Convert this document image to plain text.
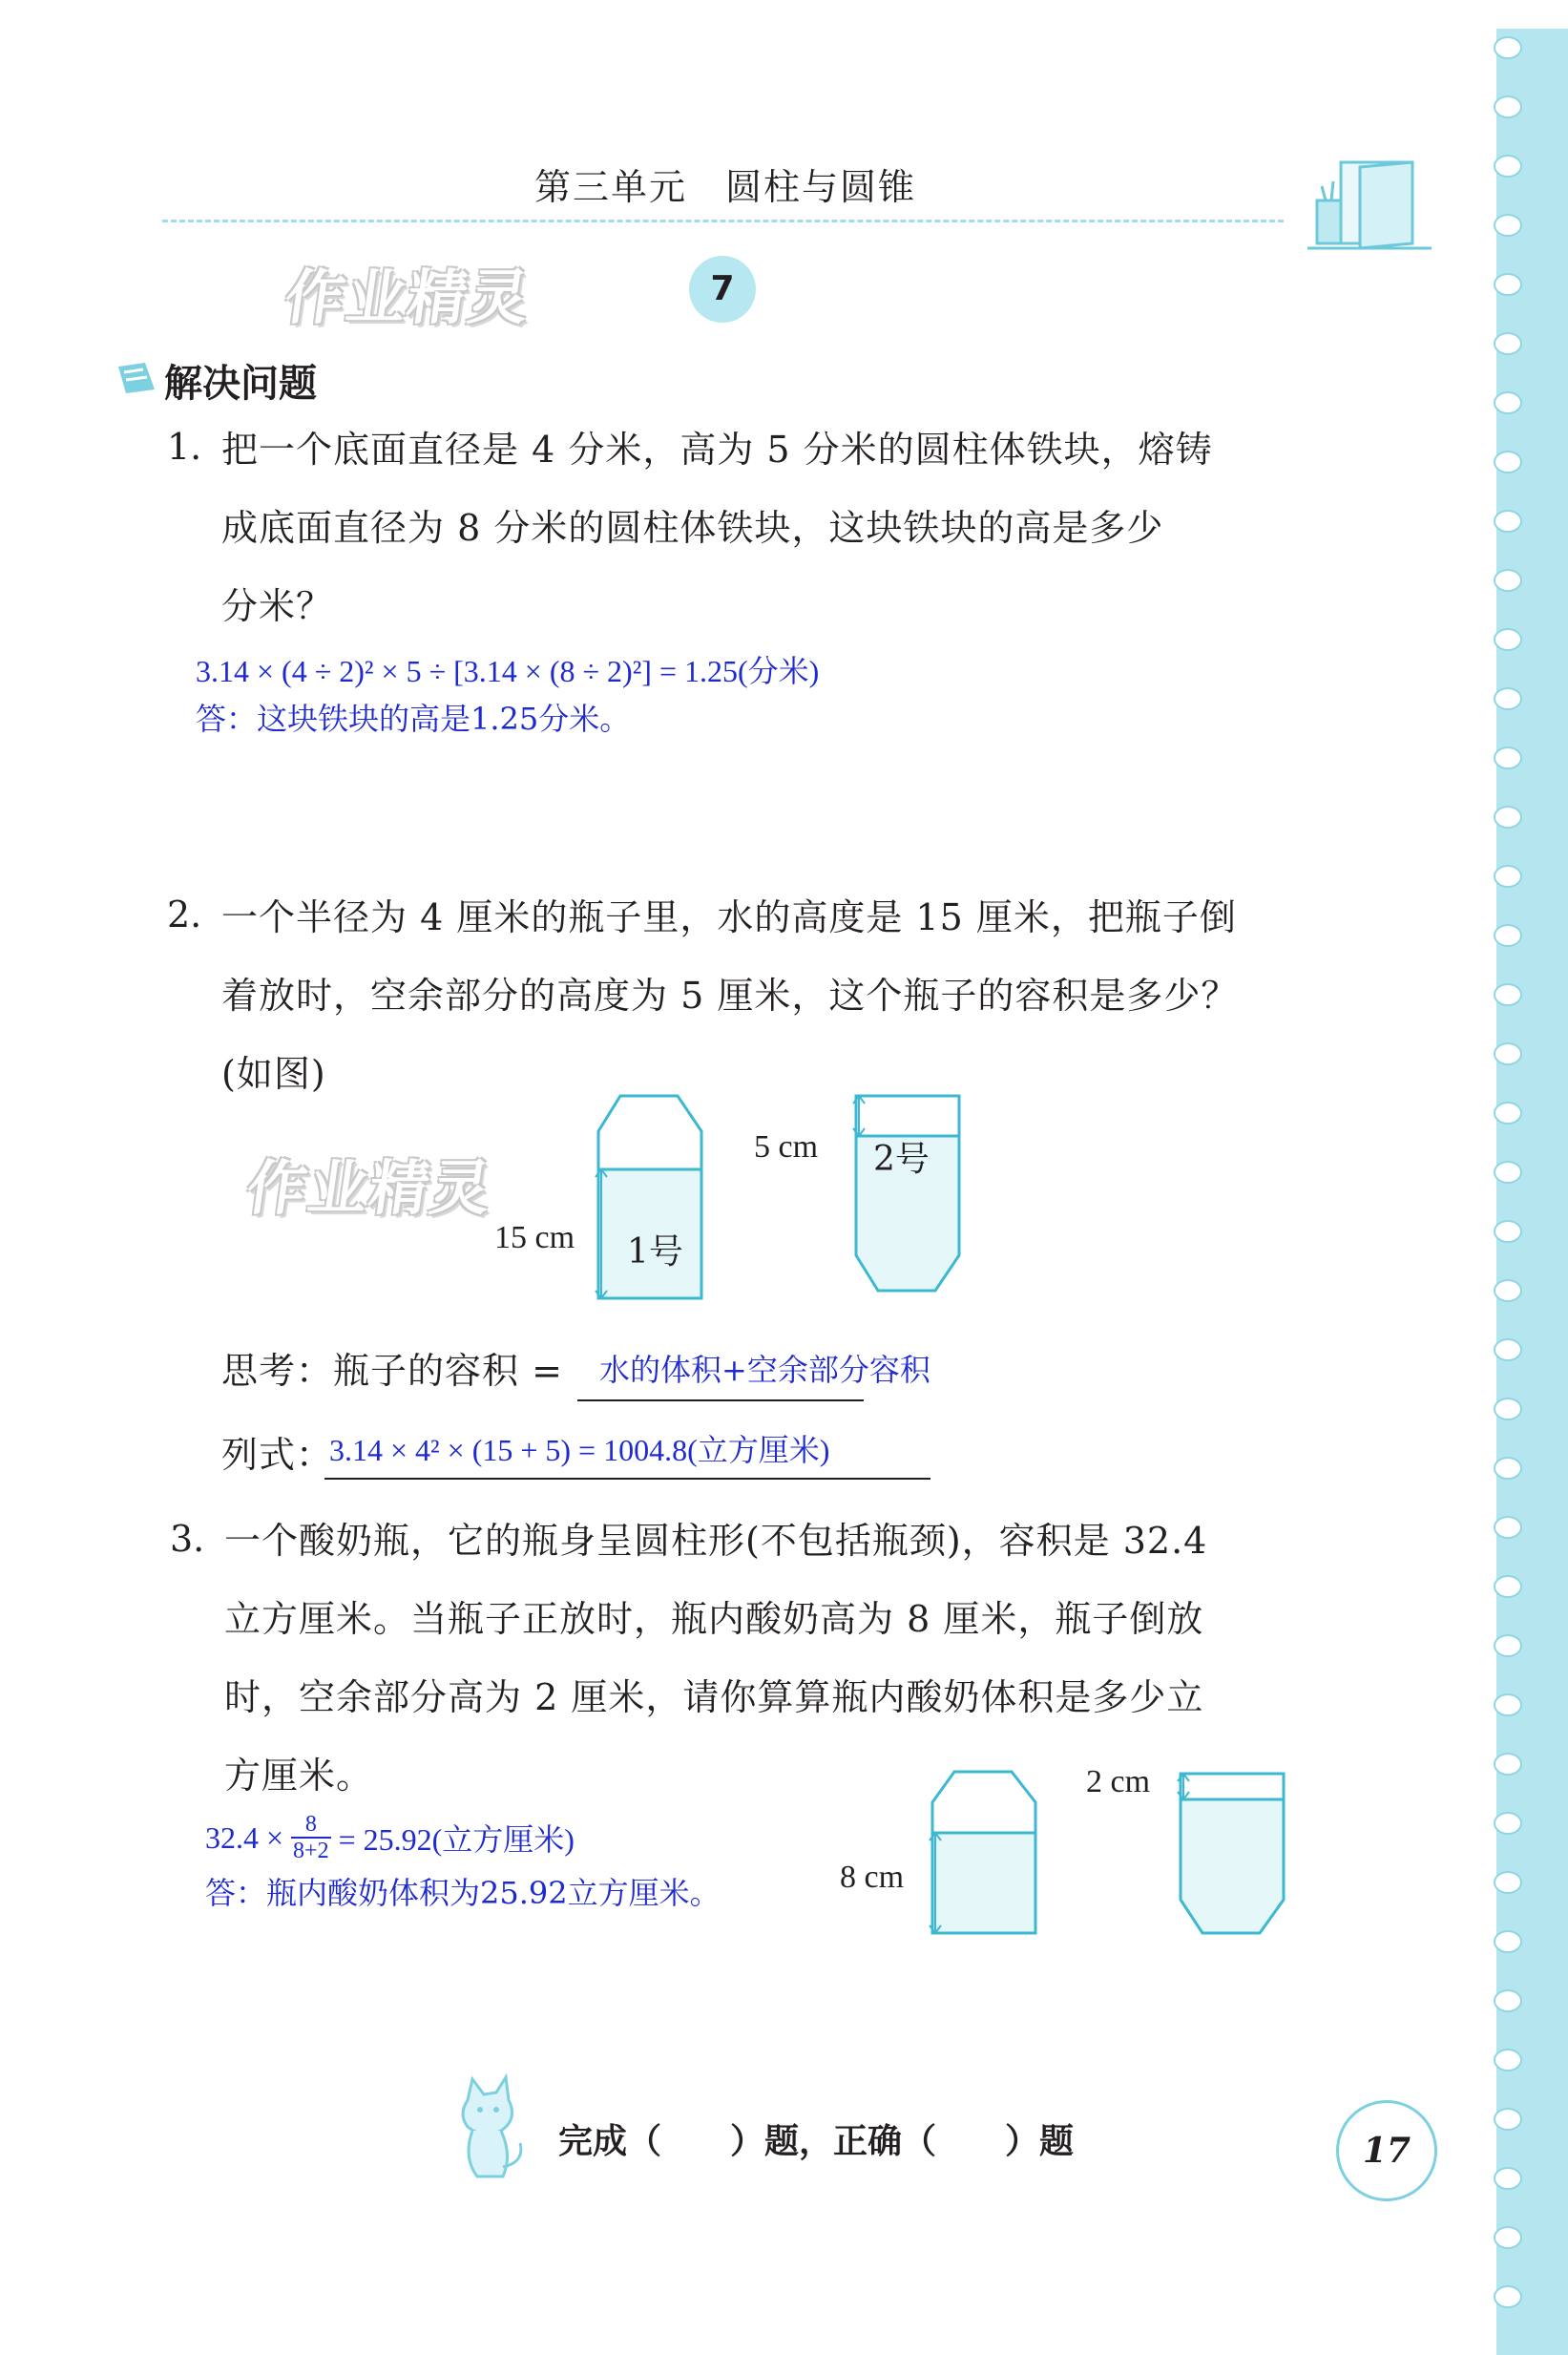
第三单元　圆柱与圆锥
7
作业精灵
解决问题
1. 把一个底面直径是 4 分米，高为 5 分米的圆柱体铁块，熔铸
成底面直径为 8 分米的圆柱体铁块，这块铁块的高是多少
分米？
3.14 × (4 ÷ 2)² × 5 ÷ [3.14 × (8 ÷ 2)²] = 1.25(分米)
答：这块铁块的高是1.25分米。
2. 一个半径为 4 厘米的瓶子里，水的高度是 15 厘米，把瓶子倒
着放时，空余部分的高度为 5 厘米，这个瓶子的容积是多少？
(如图)
作业精灵
15 cm 1号
5 cm 2号
思考：瓶子的容积 = 水的体积+空余部分容积
列式：
3.14 × 4² × (15 + 5) = 1004.8(立方厘米)
3. 一个酸奶瓶，它的瓶身呈圆柱形(不包括瓶颈)，容积是 32.4
立方厘米。当瓶子正放时，瓶内酸奶高为 8 厘米，瓶子倒放
时，空余部分高为 2 厘米，请你算算瓶内酸奶体积是多少立
方厘米。
$32.4 \times \frac{8}{8+2} = 25.92$(立方厘米)
答：瓶内酸奶体积为25.92立方厘米。	8 cm
2 cm
完成（　　）题，正确（　　）题	17
